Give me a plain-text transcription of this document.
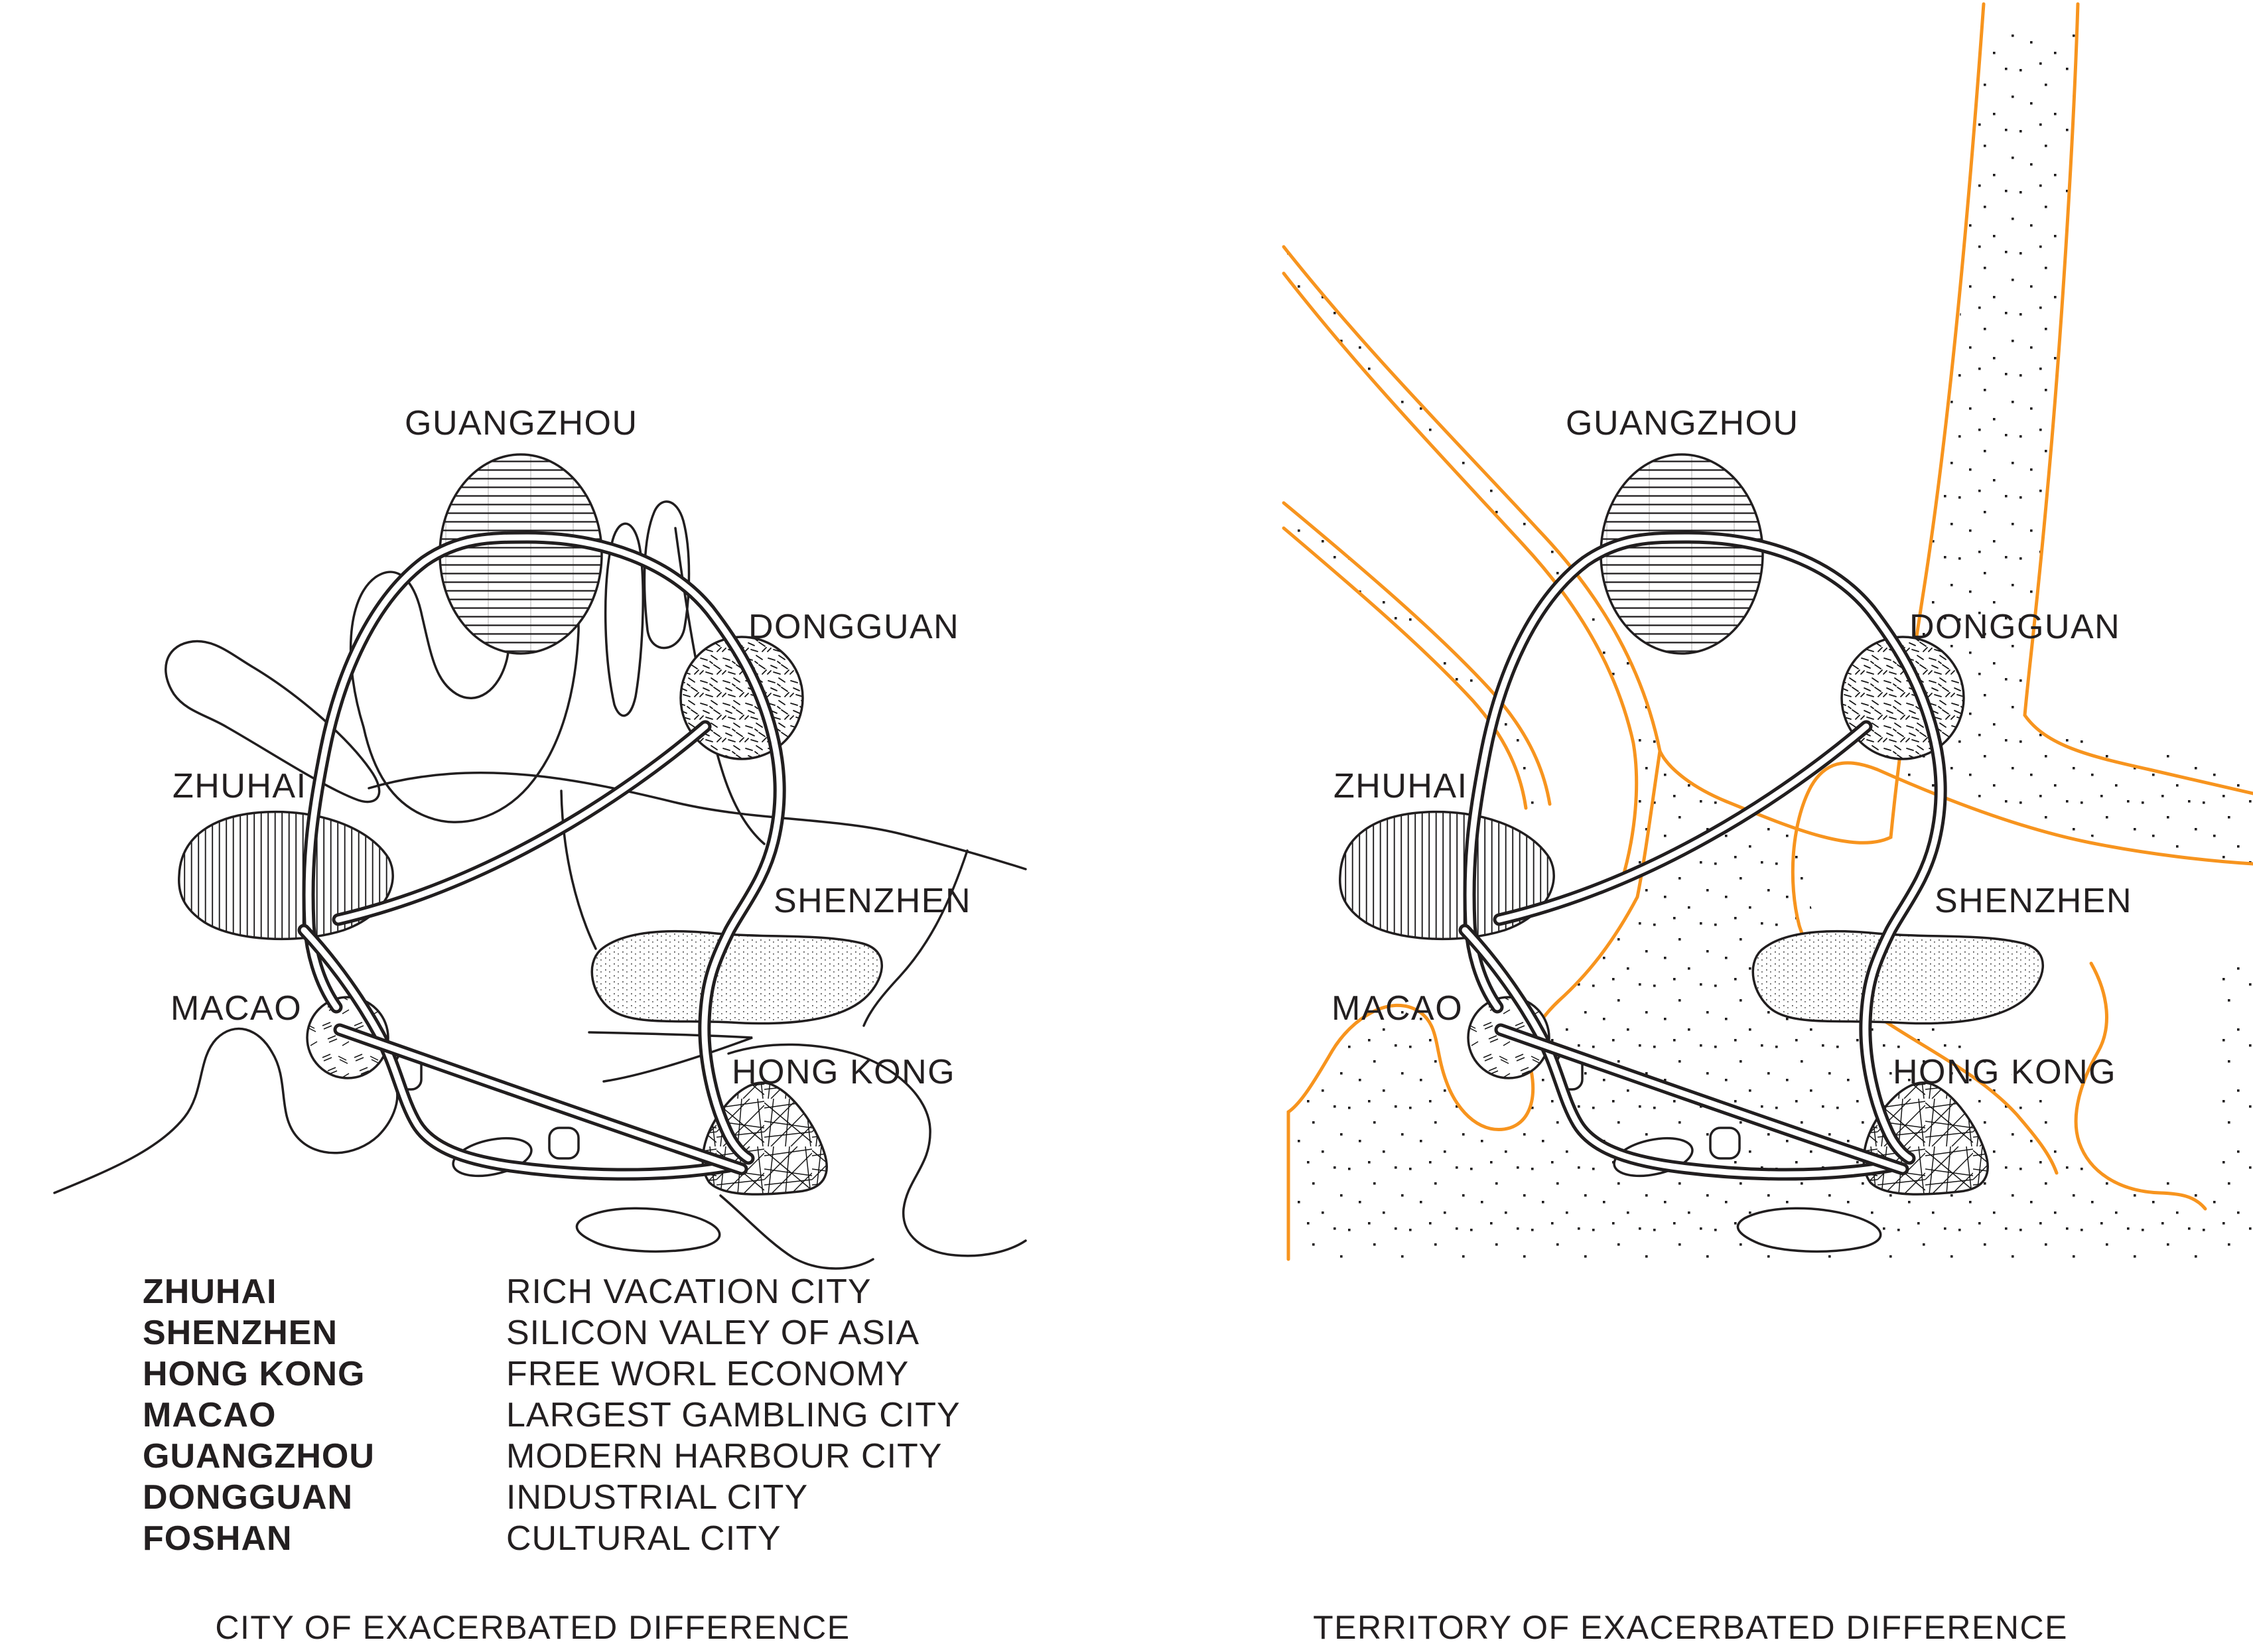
GUANGZHOU
DONGGUAN
ZHUHAI
SHENZHEN
MACAO
HONG KONG
GUANGZHOU
DONGGUAN
ZHUHAI
SHENZHEN
MACAO
HONG KONG
ZHUHAI	RICH VACATION CITY
SHENZHEN	SILICON VALEY OF ASIA
HONG KONG	FREE WORL ECONOMY
MACAO	LARGEST GAMBLING CITY
GUANGZHOU	MODERN HARBOUR CITY
DONGGUAN	INDUSTRIAL CITY
FOSHAN	CULTURAL CITY
CITY OF EXACERBATED DIFFERENCE	TERRITORY OF EXACERBATED DIFFERENCE
